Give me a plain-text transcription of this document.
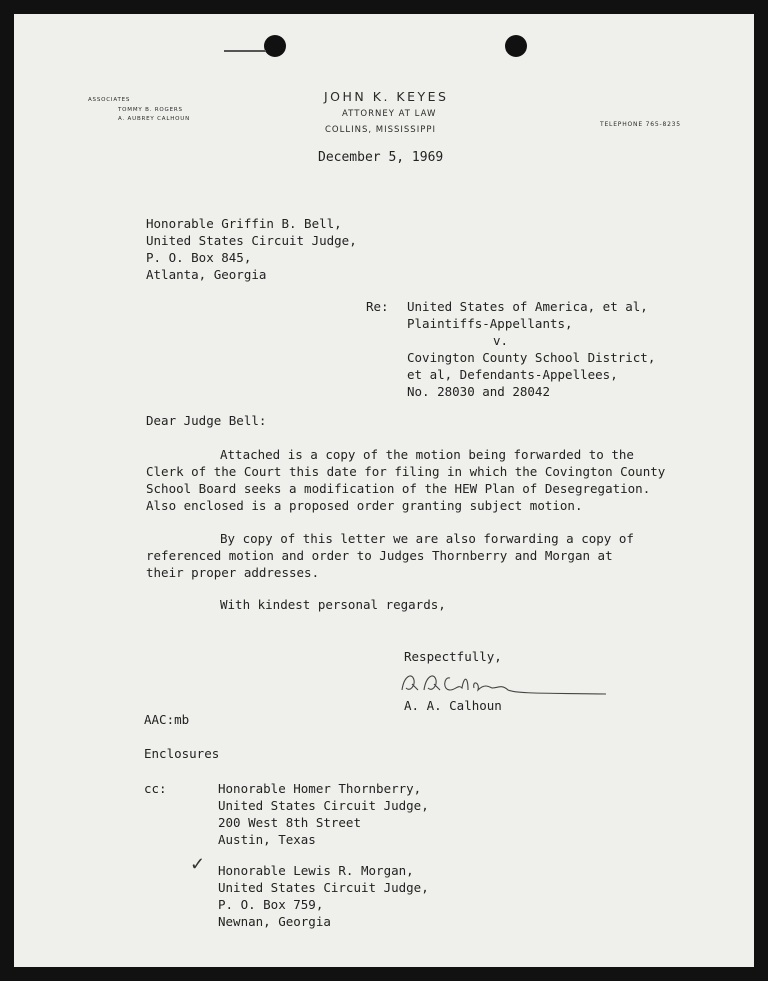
JOHN K. KEYES
ATTORNEY AT LAW
COLLINS, MISSISSIPPI
ASSOCIATES
TOMMY B. ROGERS
A. AUBREY CALHOUN
TELEPHONE 765-8235
December 5, 1969
Honorable Griffin B. Bell,
United States Circuit Judge,
P. O. Box 845,
Atlanta, Georgia
Re: United States of America, et al,
Plaintiffs-Appellants,
v.
Covington County School District,
et al, Defendants-Appellees,
No. 28030 and 28042
Dear Judge Bell:
Attached is a copy of the motion being forwarded to the
Clerk of the Court this date for filing in which the Covington County
School Board seeks a modification of the HEW Plan of Desegregation.
Also enclosed is a proposed order granting subject motion.
By copy of this letter we are also forwarding a copy of
referenced motion and order to Judges Thornberry and Morgan at
their proper addresses.
With kindest personal regards,
Respectfully,
A. A. Calhoun
AAC:mb
Enclosures
cc:	Honorable Homer Thornberry,
United States Circuit Judge,
200 West 8th Street
Austin, Texas
✓ Honorable Lewis R. Morgan,
United States Circuit Judge,
P. O. Box 759,
Newnan, Georgia
